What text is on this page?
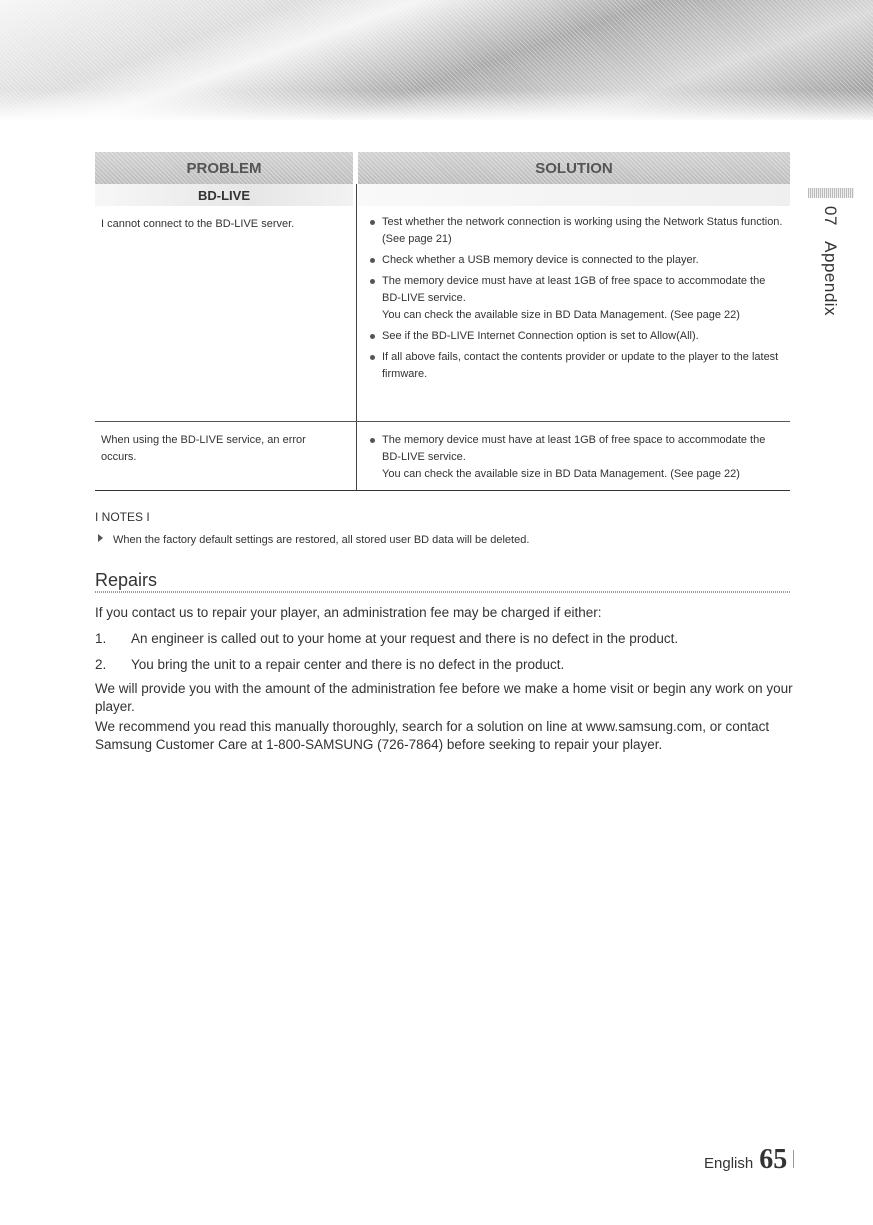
07 Appendix
PROBLEM	SOLUTION
BD-LIVE
I cannot connect to the BD-LIVE server.	Test whether the network connection is working using the Network Status function. (See page 21)
Check whether a USB memory device is connected to the player.
The memory device must have at least 1GB of free space to accommodate the BD-LIVE service.
You can check the available size in BD Data Management. (See page 22)
See if the BD-LIVE Internet Connection option is set to Allow(All).
If all above fails, contact the contents provider or update to the player to the latest firmware.
When using the BD-LIVE service, an error occurs.
The memory device must have at least 1GB of free space to accommodate the BD-LIVE service.
You can check the available size in BD Data Management. (See page 22)
I NOTES I
When the factory default settings are restored, all stored user BD data will be deleted.
Repairs
If you contact us to repair your player, an administration fee may be charged if either:
1. An engineer is called out to your home at your request and there is no defect in the product.
2. You bring the unit to a repair center and there is no defect in the product.
We will provide you with the amount of the administration fee before we make a home visit or begin any work on your player.
We recommend you read this manually thoroughly, search for a solution on line at www.samsung.com, or contact Samsung Customer Care at 1-800-SAMSUNG (726-7864) before seeking to repair your player.
English 65
